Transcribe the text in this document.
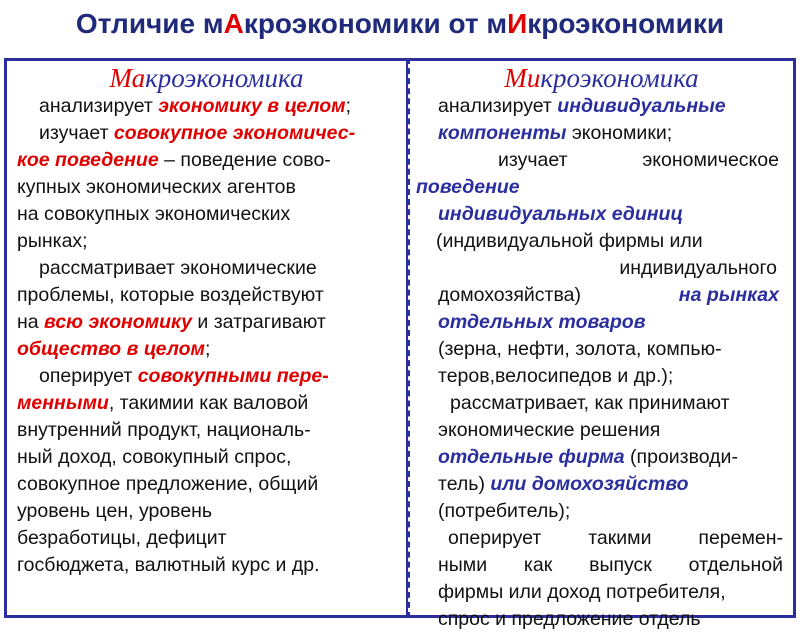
Отличие мАкроэкономики от мИкроэкономики
Макроэкономика
анализирует экономику в целом;
изучает совокупное экономичес-
кое поведение – поведение сово-
купных экономических агентов
на совокупных экономических
рынках;
рассматривает экономические
проблемы, которые воздействуют
на всю экономику и затрагивают
общество в целом;
оперирует совокупными пере-
менными, такимии как валовой
внутренний продукт, националь-
ный доход, совокупный спрос,
совокупное предложение, общий
уровень цен, уровень
безработицы, дефицит
госбюджета, валютный курс и др.
Микроэкономика
анализирует индивидуальные
компоненты экономики;
изучает	экономическое
поведение
индивидуальных единиц
(индивидуальной фирмы или
индивидуального
домохозяйства)	на рынках
отдельных товаров
(зерна, нефти, золота, компью-
теров,велосипедов и др.);
рассматривает, как принимают
экономические решения
отдельные фирма (производи-
тель) или домохозяйство
(потребитель);
оперирует такими перемен-
ными как выпуск отдельной
фирмы или доход потребителя,
спрос и предложение отдель
